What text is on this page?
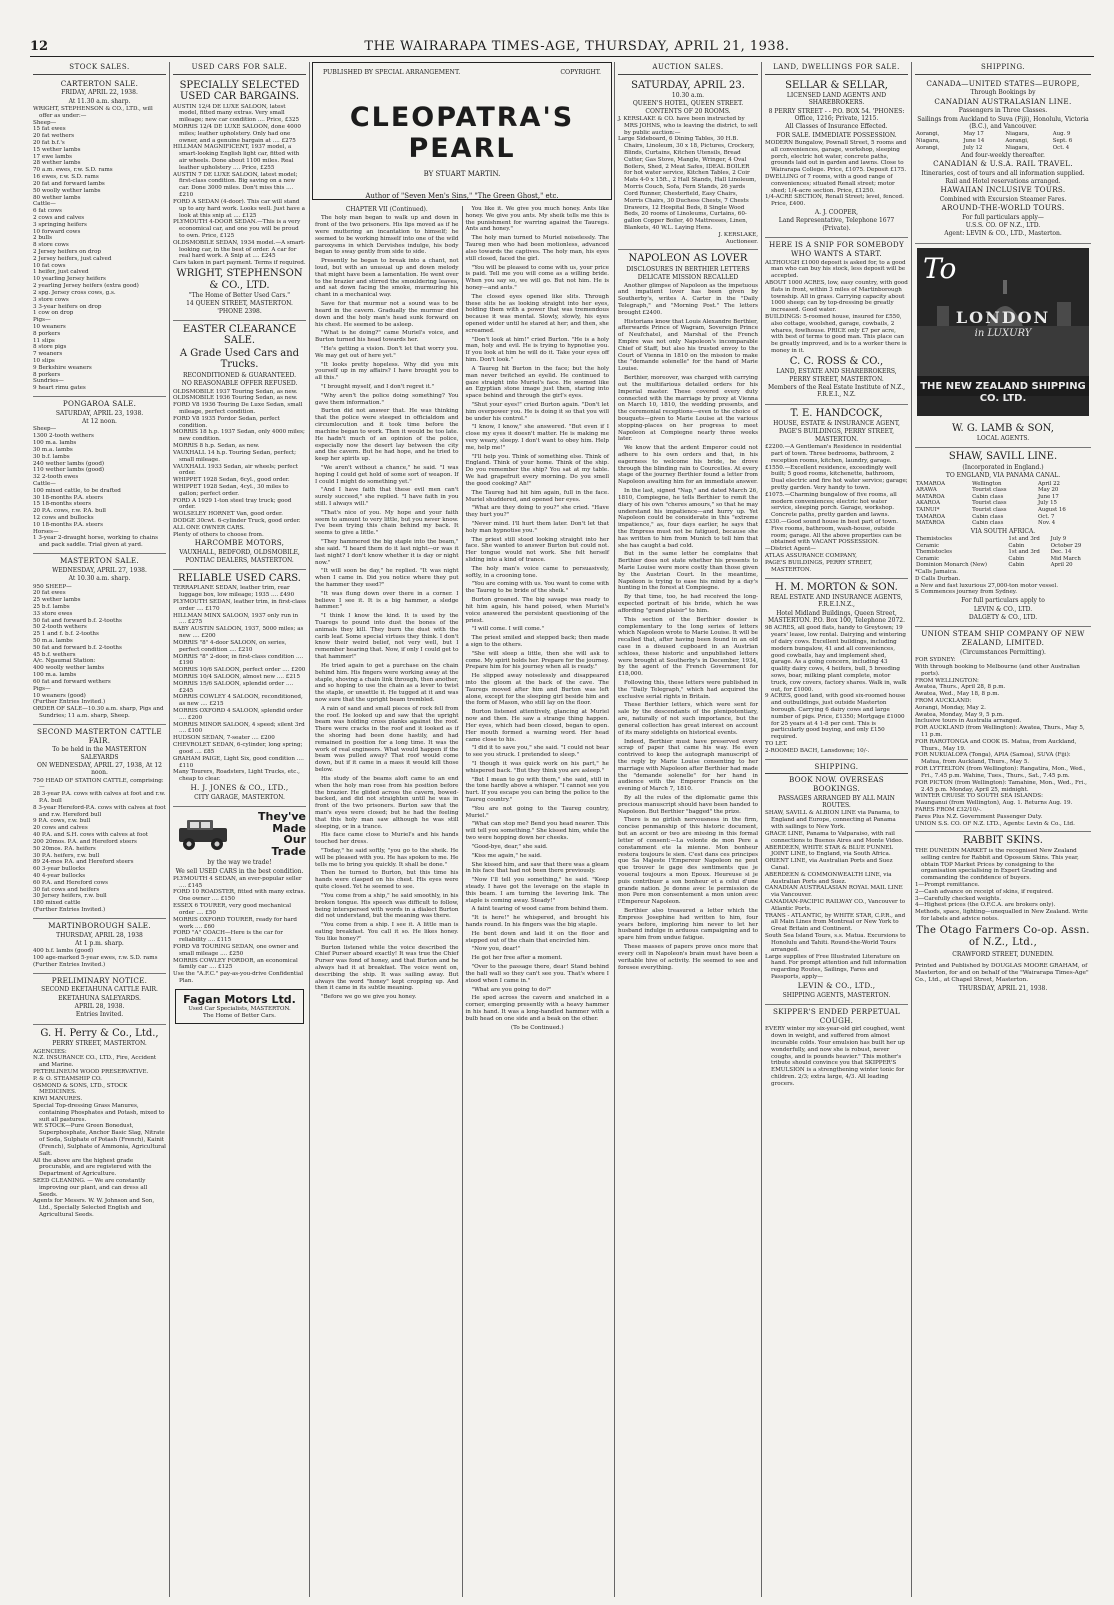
12	THE WAIRARAPA TIMES-AGE, THURSDAY, APRIL 21, 1938.
STOCK SALES.
CARTERTON SALE.
FRIDAY, APRIL 22, 1938.
At 11.30 a.m. sharp.
WRIGHT, STEPHENSON & CO., LTD., will offer as under:—
Sheep—
15 fat ewes
20 fat wethers
20 fat b.f.'s
15 wether lambs
17 ewe lambs
28 wether lambs
70 a.m. ewes, r.w. S.D. rams
16 ewes, r.w. S.D. rams
20 fat and forward lambs
50 woolly wether lambs
80 wether lambs
Cattle—
6 fat cows
2 cows and calves
3 springing heifers
10 forward cows
2 bulls
8 store cows
2 Jersey heifers on drop
2 Jersey heifers, just calved
10 fat cows
1 heifer, just calved
10 yearling Jersey heifers
2 yearling Jersey heifers (extra good)
2 spg. Jersey cross cows, g.s.
3 store cows
3 3-year heifers on drop
1 cow on drop
Pigs—
10 weaners
8 porkers
11 slips
8 store pigs
7 weaners
10 slips
9 Berkshire weaners
8 porkers
Sundries—
9 heart rimu gates
PONGAROA SALE.
SATURDAY, APRIL 23, 1938.
At 12 noon.
Sheep—
1300 2-tooth wethers
100 m.a. lambs
30 m.a. lambs
30 b.f. lambs
240 wether lambs (good)
110 wether lambs (good)
32 2-tooth ewes
Cattle—
100 mixed cattle, to be drafted
30 18-months P.A. steers
15 18-months steers
20 P.A. cows, r.w. P.A. bull
12 cows and bullocks
10 18-months P.A. steers
Horses—
1 3-year 2-draught horse, working to chains and pack saddle. Trial given at yard.
MASTERTON SALE.
WEDNESDAY, APRIL 27, 1938.
At 10.30 a.m. sharp.
950 SHEEP—
20 fat ewes
25 wether lambs
25 b.f. lambs
33 store ewes
50 fat and forward b.f. 2-tooths
50 2-tooth wethers
25 1 and f. b.f. 2-tooths
50 m.a. lambs
50 fat and forward b.f. 2-tooths
45 b.f. wethers
A/c. Ngaumai Station:
400 woolly wether lambs
100 m.a. lambs
60 fat and forward wethers
Pigs—
10 weaners (good)
(Further Entries Invited.)
ORDER OF SALE—10.30 a.m. sharp, Pigs and Sundries; 11 a.m. sharp, Sheep.
SECOND MASTERTON CATTLE FAIR.
To be held in the MASTERTON SALEYARDS
ON WEDNESDAY, APRIL 27, 1938, At 12 noon.
750 HEAD OF STATION CATTLE, comprising:—
28 3-year P.A. cows with calves at foot and r.w. P.A. bull
8 3-year Hereford-P.A. cows with calves at foot and r.w. Hereford bull
9 P.A. cows, r.w. bull
20 cows and calves
40 P.A. and S.H. cows with calves at foot
200 20mos. P.A. and Hereford steers
50 20mos. P.A. heifers
30 P.A. heifers, r.w. bull
89 24-mos P.A. and Hereford steers
60 3-year bullocks
40 4-year bullocks
60 P.A. and Hereford cows
30 fat cows and heifers
30 Jersey heifers, r.w. bull
180 mixed cattle
(Further Entries Invited.)
MARTINBOROUGH SALE.
THURSDAY, APRIL 28, 1938
At 1 p.m. sharp.
400 b.f. lambs (good)
100 age-marked 5-year ewes, r.w. S.D. rams
(Further Entries Invited.)
PRELIMINARY NOTICE.
SECOND EKETAHUNA CATTLE FAIR.
EKETAHUNA SALEYARDS.
APRIL 28, 1938.
Entries Invited.
G. H. Perry & Co., Ltd.,
PERRY STREET, MASTERTON.
AGENCIES:
N.Z. INSURANCE CO., LTD., Fire, Accident and Marine.
PETERLINEUM WOOD PRESERVATIVE.
P. & O. STEAMSHIP CO.
OSMOND & SONS, LTD., STOCK MEDICINES.
KIWI MANURES.
Special Top-dressing Grass Manures, containing Phosphates and Potash, mixed to suit all pastures.
WE STOCK—Pure Green Bonedust, Superphosphate, Anchor Basic Slag, Nitrate of Soda, Sulphate of Potash (French), Kainit (French), Sulphate of Ammonia, Agricultural Salt.
All the above are the highest grade procurable, and are registered with the Department of Agriculture.
SEED CLEANING. — We are constantly improving our plant, and can dress all Seeds.
Agents for Messrs. W. W. Johnson and Son, Ltd., Specially Selected English and Agricultural Seeds.
USED CARS FOR SALE.
SPECIALLY SELECTED USED CAR BARGAINS.
AUSTIN 12/4 DE LUXE SALOON, latest model, fitted many extras. Very small mileage; new car condition .... Price, £325
MORRIS 12/4 DE LUXE SALOON, done 4000 miles; leather upholstery. Only had one owner, and a genuine bargain at .... £275
HILLMAN MAGNIFICENT, 1937 model, a smart-looking English light car, fitted with air wheels. Done about 1100 miles. Real leather upholstery .... Price, £255
AUSTIN 7 DE LUXE SALOON, latest model; first-class condition. Big saving on a new car. Done 3000 miles. Don't miss this .... £210
FORD A SEDAN (4-door). This car will stand up to any hard work. Looks well. Just have a look at this snip at .... £125
PLYMOUTH 4-DOOR SEDAN.—This is a very economical car, and one you will be proud to own. Price, £125
OLDSMOBILE SEDAN, 1934 model.—A smart-looking car, in the best of order. A car for real hard work. A Snip at .... £245
Cars taken in part payment. Terms if required.
WRIGHT, STEPHENSON & CO., LTD.
"The Home of Better Used Cars."
14 QUEEN STREET, MASTERTON. 'PHONE 2398.
EASTER CLEARANCE SALE.
A Grade Used Cars and Trucks.
RECONDITIONED & GUARANTEED.
NO REASONABLE OFFER REFUSED.
OLDSMOBILE 1937 Touring Sedan, as new.
OLDSMOBILE 1936 Touring Sedan, as new.
FORD V8 1936 Touring De Luxe Sedan, small mileage, perfect condition.
FORD V8 1935 Fordor Sedan, perfect condition.
MORRIS 18 h.p. 1937 Sedan, only 4000 miles; new condition.
MORRIS 8 h.p. Sedan, as new.
VAUXHALL 14 h.p. Touring Sedan, perfect; small mileage.
VAUXHALL 1933 Sedan, air wheels; perfect order.
WHIPPET 1928 Sedan, 6cyl., good order.
WHIPPET 1928 Sedan, 4cyl., 30 miles to gallon; perfect order.
FORD A 1929 1-ton steel tray truck; good order.
WOLSELEY HORNET Van, good order.
DODGE 30cwt. 6-cylinder Truck, good order.
ALL ONE OWNER CARS.
Plenty of others to choose from.
HARCOMBE MOTORS,
VAUXHALL, BEDFORD, OLDSMOBILE, PONTIAC DEALERS, MASTERTON.
RELIABLE USED CARS.
TERRAPLANE SEDAN, leather trim, rear luggage box, low mileage; 1935 .... £490
PLYMOUTH SEDAN, leather trim, in first-class order .... £170
HILLMAN MINX SALOON, 1937 only run in .... £275
BABY AUSTIN SALOON, 1937, 5000 miles; as new .... £200
MORRIS "8" 4-door SALOON, on series, perfect condition .... £210
MORRIS "8" 2-door, in first-class condition .... £190
MORRIS 10/6 SALOON, perfect order .... £200
MORRIS 10/4 SALOON, almost new .... £215
MORRIS 15/6 SALOON, splendid order .... £245
MORRIS COWLEY 4 SALOON, reconditioned, as new .... £215
MORRIS OXFORD 4 SALOON, splendid order .... £200
MORRIS MINOR SALOON, 4 speed; silent 3rd .... £100
HUDSON SEDAN, 7-seater .... £200
CHEVROLET SEDAN, 6-cylinder, long spring; good .... £85
GRAHAM PAIGE, Light Six, good condition .... £110
Many Tourers, Roadsters, Light Trucks, etc., cheap to clear.
H. J. JONES & CO., LTD.,
CITY GARAGE, MASTERTON.
They've
Made
Our
Trade
by the way we trade!
We sell USED CARS in the best condition.
PLYMOUTH 4 SEDAN, an ever-popular seller .... £145
FORD 10 ROADSTER, fitted with many extras. One owner .... £150
ESSEX 6 TOURER, very good mechanical order .... £50
MORRIS OXFORD TOURER, ready for hard work .... £60
FORD "A" COACH—Here is the car for reliability .... £115
FORD V8 TOURING SEDAN, one owner and small mileage .... £250
MORRIS COWLEY FORDOR, an economical family car .... £125
Use the "A.F.C." pay-as-you-drive Confidential Plan.
Fagan Motors Ltd.
Used Car Specialists, MASTERTON.
The Home of Better Cars.
PUBLISHED BY SPECIAL ARRANGEMENT.	COPYRIGHT.
CLEOPATRA'S PEARL
BY STUART MARTIN.
Author of "Seven Men's Sins," "The Green Ghost," etc.
CHAPTER VII (Continued).

The holy man began to walk up and down in front of the two prisoners. His lips moved as if he were muttering an incantation to himself; he seemed to be working himself into one of the wild paroxysms in which Dervishes indulge, his body began to sway gently from side to side.

Presently he began to break into a chant, not loud, but with an unusual up and down melody that might have been a lamentation. He went over to the brazier and stirred the smouldering leaves, and sat down facing the smoke, murmuring his chant in a mechanical way.

Save for that murmur not a sound was to be heard in the cavern. Gradually the murmur died down and the holy man's head sunk forward on his chest. He seemed to be asleep.

"What is he doing?" came Muriel's voice, and Burton turned his head towards her.

"He's getting a vision. Don't let that worry you. We may get out of here yet."

"It looks pretty hopeless. Why did you mix yourself up in my affairs? I have brought you to all this."

"I brought myself, and I don't regret it."

"Why aren't the police doing something? You gave them information."

Burton did not answer that. He was thinking that the police were steeped in officialdom and circumlocution and it took time before the machine began to work. Then it would be too late. He hadn't much of an opinion of the police, especially now the desert lay between the city and the cavern. But he had hope, and he tried to keep her spirits up.

"We aren't without a chance," he said. "I was hoping I could get hold of some sort of weapon. If I could I might do something yet."

"And I have faith that these evil men can't surely succeed," she replied. "I have faith in you still. I always will."

"That's nice of you. My hope and your faith seem to amount to very little, but you never know. I've been trying this chain behind my back. It seems to give a little."

"They hammered the big staple into the beam," she said. "I heard them do it last night—or was it last night? I don't know whether it is day or night now."

"It will soon be day," he replied. "It was night when I came in. Did you notice where they put the hammer they used?"

"It was flung down over there in a corner. I believe I see it. It is a big hammer, a sledge hammer."

"I think I know the kind. It is used by the Tuaregs to pound into dust the bones of the animals they kill. They burn the dust with the carib leaf. Some special virtues they think. I don't know their weird belief, not very well, but I remember hearing that. Now, if only I could get to that hammer!"

He tried again to get a purchase on the chain behind him. His fingers were working away at the staple, shoving a chain link through, then another, and so hoping to use the chain as a lever to twist the staple, or unsettle it. He tugged at it and was now sure that the upright beam trembled.

A rain of sand and small pieces of rock fell from the roof. He looked up and saw that the upright beam was holding cross planks against the roof. There were cracks in the roof and it looked as if the shoring had been done hastily, and had remained in position for a long time. It was the work of real engineers. What would happen if the beam was pulled away? That roof would come down, but if it came in a mass it would kill those below.

His study of the beams aloft came to an end when the holy man rose from his position before the brazier. He glided across the cavern, bowed-backed, and did not straighten until he was in front of the two prisoners. Burton saw that the man's eyes were closed; but he had the feeling that this holy man saw although he was still sleeping, or in a trance.

His face came close to Muriel's and his hands touched her dress.

"Today," he said softly, "you go to the sheik. He will be pleased with you. He has spoken to me. He tells me to bring you quickly. It shall be done."

Then he turned to Burton, but this time his hands were clasped on his chest. His eyes were quite closed. Yet he seemed to see.

"You come from a ship," he said smoothly, in his broken tongue. His speech was difficult to follow, being interspersed with words in a dialect Burton did not understand, but the meaning was there.

"You come from a ship. I see it. A little man is eating breakfast. You call it so. He likes honey. You like honey?"

Burton listened while the voice described the Chief Purser aboard exactly! It was true the Chief Purser was fond of honey, and that Burton and he always had it at breakfast. The voice went on, describing the ship. It was sailing away. But always the word "honey" kept cropping up. And then it came in its subtle meaning.

"Before we go we give you honey.

You like it. We give you much honey. Ants like honey. We give you ants. My sheik tells me this is the punishment for warring against the Tauregs. Ants and honey."

The holy man turned to Muriel noiselessly. The Taureg men who had been motionless, advanced also towards the captives. The holy man, his eyes still closed, faced the girl.

"You will be pleased to come with us, your price is paid. Tell me you will come as a willing bride. When you say so, we will go. But not him. He is honey—and ants."

The closed eyes opened like slits. Through these slits he as looking straight into her eyes, holding them with a power that was tremendous because it was mental. Slowly, slowly, his eyes opened wider until he stared at her; and then, she screamed.

"Don't look at him!" cried Burton. "He is a holy man, holy and evil. He is trying to hypnotise you. If you look at him he will do it. Take your eyes off him. Don't look."

A Taureg hit Burton in the face; but the holy man never twitched an eyelid. He continued to gaze straight into Muriel's face. He seemed like an Egyptian stone image just then, staring into space behind and through the girl's eyes.

"Shut your eyes!" cried Burton again. "Don't let him overpower you. He is doing it so that you will be under his control."

"I know, I know," she answered. "But even if I close my eyes it doesn't matter. He is making me very weary, sleepy. I don't want to obey him. Help me, help me!"

"I'll help you. Think of something else. Think of England. Think of your home. Think of the ship. Do you remember the ship? You sat at my table. We had grapefruit every morning. Do you smell the good cooking? Ah!"

The Taureg had hit him again, full in the face. Muriel shuddered, and opened her eyes.

"What are they doing to you?" she cried. "Have they hurt you?"

"Never mind. I'll hurt them later. Don't let that holy man hypnotise you."

The priest still stood looking straight into her face. She wanted to answer Burton but could not. Her tongue would not work. She felt herself sliding into a kind of trance.

The holy man's voice came to persuasively, softly, in a crooning tone.

"You are coming with us. You want to come with the Taureg to be bride of the sheik."

Burton groaned. The big savage was ready to hit him again, his hand poised, when Muriel's voice answered the persistent questioning of the priest.

"I will come. I will come."

The priest smiled and stepped back; then made a sign to the others.

"She will sleep a little, then she will ask to come. My spirit holds her. Prepare for the journey. Prepare him for his journey when all is ready."

He slipped away noiselessly and disappeared into the gloom at the back of the cave. The Tauregs moved after him and Burton was left alone, except for the sleeping girl beside him and the form of Mason, who still lay on the floor.

Burton listened attentively, glancing at Muriel now and then. He saw a strange thing happen. Her eyes, which had been closed, began to open. Her mouth formed a warning word. Her head came close to his.

"I did it to save you," she said. "I could not bear to see you struck. I pretended to sleep."

"I though it was quick work on his part," he whispered back. "But they think you are asleep."

"But I mean to go with them," she said, still in the tone hardly above a whisper. "I cannot see you hurt. If you escape you can bring the police to the Taureg country."

"You are not going to the Taureg country, Muriel."

"What can stop me? Bend you head nearer. This will tell you something." She kissed him, while the two were hopping down her cheeks.

"Good-bye, dear," she said.

"Kiss me again," he said.

She kissed him, and saw that there was a gleam in his face that had not been there previously.

"Now I'll tell you something," he said. "Keep steady. I have got the leverage on the staple in this beam. I am turning the levering link. The staple is coming away. Steady!"

A faint tearing of wood came from behind them.

"It is here!" he whispered, and brought his hands round. In his fingers was the big staple.

He bent down and laid it on the floor and stepped out of the chain that encircled him.

"Now you, dear!"

He got her free after a moment.

"Over to the passage there, dear! Stand behind the hall wall so they can't see you. That's where I stood when I came in."

"What are you going to do?"

He sped across the cavern and snatched in a corner, emerging presently with a heavy hammer in his hand. It was a long-handled hammer with a bulb head on one side and a beak on the other.

(To be Continued.)
AUCTION SALES.
SATURDAY, APRIL 23.
10.30 a.m.
QUEEN'S HOTEL, QUEEN STREET. CONTENTS OF 20 ROOMS.
J. KERSLAKE & CO. have been instructed by MRS JOHNS, who is leaving the district, to sell by public auction:—
Large Sideboard, 6 Dining Tables, 30 H.B. Chairs, Linoleum, 30 x 18, Pictures, Crockery, Blinds, Curtains, Kitchen Utensils, Bread Cutter, Gas Stove, Mangle, Wringer, 4 Oval Boilers, Shed, 2 Meat Safes, IDEAL BOILER for hot water service, Kitchen Tables, 2 Coir Mats 4-0 x 15ft., 2 Hall Stands, Hall Linoleum, Morris Couch, Sofa, Fern Stands, 26 yards Cord Runner, Chesterfield, Easy Chairs, Morris Chairs, 30 Duchess Chests, 7 Chests Drawers, 12 Hospital Beds, 8 Single Wood Beds, 20 rooms of Linoleums, Curtains, 60-gallon Copper Boiler, 40 Mattresses, Linen, Blankets, 40 W.L. Laying Hens.
J. KERSLAKE,
Auctioneer.
NAPOLEON AS LOVER
DISCLOSURES IN BERTHIER LETTERS
DELICATE MISSION RECALLED

Another glimpse of Napoleon as the impetuous and impatient lover has been given by Southerby's, writes A. Carter in the "Daily Telegraph," and "Morning Post." The letters brought £2400.

Historians know that Louis Alexandre Berthier, afterwards Prince of Wagram, Sovereign Prince of Neufchatel, and Marshal of the French Empire was not only Napoleon's incomparable Chief of Staff, but also his trusted envoy to the Court of Vienna in 1810 on the mission to make the "demande solenelle" for the hand of Marie Louise.

Berthier, moreover, was charged with carrying out the multifarious detailed orders for his Imperial master. These covered every duty connected with the marriage by proxy at Vienna on March 10, 1810, the wedding presents, and the ceremonial receptions—even to the choice of bouquets—given to Marie Louise at the various stopping-places on her progress to meet Napoleon at Compiegne nearly three weeks later.

We know that the ardent Emperor could not adhere to his own orders and that, in his eagerness to welcome his bride, he drove through the blinding rain to Courcelles. At every stage of the journey Berthier found a letter from Napoleon awaiting him for an immediate answer.

In the last, signed "Nap," and dated March 26, 1810, Compiegne, he tells Berthier to remit the diary of his own "cheres amours," so that he may understand his impatience—and hurry up. Yet Napoleon could be considerate in this "extreme impatience," as, four days earlier, he says that the Empress must not be fatigued, because she has written to him from Munich to tell him that she has caught a bad cold.

But in the same letter he complains that Berthier does not state whether his presents to Marie Louise were more costly than those given by the Austrian Court. In the meantime, Napoleon is trying to ease his mind by a day's hunting in the forest at Compiegne.

By that time, too, he had received the long-expected portrait of his bride, which he was affording "grand plaisir" to him.

This section of the Berthier dossier is complementary to the long series of letters which Napoleon wrote to Marie Louise. It will be recalled that, after having been found in an old case in a disused cupboard in an Austrian schloss, these historic and unpublished letters were brought at Southerby's in December, 1934, by the agent of the French Government for £18,000.

Following this, these letters were published in the "Daily Telegraph," which had acquired the exclusive serial rights in Britain.

These Berthier letters, which were sent for sale by the descendants of the plenipotentiary, are, naturally of not such importance, but the general collection has great interest on account of its many sidelights on historical events.

Indeed, Berthier must have preserved every scrap of paper that came his way. He even contrived to keep the autograph manuscript of the reply by Marie Louise consenting to her marriage with Napoleon after Berthier had made the "demande solenelle" for her hand in audience with the Emperor Francis on the evening of March 7, 1810.

By all the rules of the diplomatic game this precious manuscript should have been handed to Napoleon. But Berthier "bagged" the prize.

There is no girlish nervousness in the firm, concise penmanship of this historic document, but an accent or two are missing in this formal letter of consent:—La volonte de mon Pere a constamment ete la mienne. Mon bonheur restera toujours le sien. C'est dans ces principes que Sa Majeste l'Empereur Napoleon ne peut que trouver le gage des sentiments que je voueral toujours a mon Epoux. Heureuse si je puis contribuer a son bonheur et a celui d'une grande nation. Je donne avec le permission de mon Pere mon consentement a mon union avec l'Empereur Napoleon.

Berthier also treasured a letter which the Empress Josephine had written to him, four years before, imploring him never to let her husband indulge in arduous campaigning and to spare him from undue fatigue.

These masses of papers prove once more that every cell in Napoleon's brain must have been a veritable hive of activity. He seemed to see and foresee everything.

LAND, DWELLINGS FOR SALE.
SELLAR & SELLAR,
LICENSED LAND AGENTS AND SHAREBROKERS.
8 PERRY STREET - - P.O. BOX 54. 'PHONES: Office, 1216; Private, 1215.
All Classes of Insurance Effected.
FOR SALE. IMMEDIATE POSSESSION.
MODERN Bungalow, Pownall Street, 5 rooms and all conveniences, garage, workshop, sleeping porch, electric hot water, concrete paths, grounds laid out in garden and lawns. Close to Wairarapa College. Price, £1075. Deposit £175.
DWELLING of 7 rooms, with a good range of conveniences; situated Renall street; motor shed; 1/4-acre section. Price, £1250.
1/4-ACRE SECTION, Renall Street; level, fenced. Price, £400.
A. J. COOPER,
Land Representative, Telephone 1677 (Private).
HERE IS A SNIP FOR SOMEBODY WHO WANTS A START.
ALTHOUGH £1000 deposit is asked for, to a good man who can buy his stock, less deposit will be accepted.
ABOUT 1000 ACRES, low, easy country, with good flats in front, within 3 miles of Martinborough township. All in grass. Carrying capacity about 1000 sheep; can by top-dressing be greatly increased. Good water.
BUILDINGS: 5-roomed house, insured for £550, also cottage, woolshed, garage, cowbails, 2 whares, fowlhouse. PRICE only £7 per acre, with best of terms to good man. This place can be greatly improved, and is to a worker there is money in it.
C. C. ROSS & CO.,
LAND, ESTATE AND SHAREBROKERS, PERRY STREET, MASTERTON.
Members of the Real Estate Institute of N.Z., F.R.E.I., N.Z.
T. E. HANDCOCK,
HOUSE, ESTATE & INSURANCE AGENT,
PAGE'S BUILDINGS, PERRY STREET, MASTERTON.
£2200.—A Gentleman's Residence in residential part of town. Three bedrooms, bathroom, 2 reception rooms, kitchen, laundry, garage.
£1550.—Excellent residence, exceedingly well built; 5 good rooms, kitchenette, bathroom, Dual electric and fire hot water service; garage; pretty garden. Very handy to town.
£1075.—Charming bungalow of five rooms, all modern conveniences; electric hot water service, sleeping porch. Garage, workshop. Concrete paths, pretty garden and lawns.
£330.—Good sound house in best part of town. Five rooms, bathroom, wash-house, outside room; garage. All the above properties can be obtained with VACANT POSSESSION.
—District Agent—
ATLAS ASSURANCE COMPANY,
PAGE'S BUILDINGS, PERRY STREET, MASTERTON.
H. M. MORTON & SON.
REAL ESTATE AND INSURANCE AGENTS, F.R.E.I.N.Z.,
Hotel Midland Buildings, Queen Street, MASTERTON. P.O. Box 100, Telephone 2072.
98 ACRES, all good flats, handy to Greytown; 19 years' lease, low rental. Dairying and wintering of dairy cows. Excellent buildings, including modern bungalow, 41 and all conveniences, good cowbails, hay and implement shed, garage. As a going concern, including 43 quality dairy cows, 4 heifers, bull, 5 breeding sows, boar, milking plant complete, motor truck, cow covers, factory shares. Walk in, walk out, for £1000.
9 ACRES, good land, with good six-roomed house and outbuildings, just outside Masterton borough. Carrying 6 dairy cows and large number of pigs. Price, £1350; Mortgage £1000 for 25 years at 4 1-8 per cent. This is particularly good buying, and only £150 required.
TO LET.
2-ROOMED BACH, Lansdowne; 10/-.
SHIPPING.
BOOK NOW. OVERSEAS BOOKINGS.
PASSAGES ARRANGED BY ALL MAIN ROUTES.
SHAW, SAVILL & ALBION LINE via Panama, to England and Europe, connecting at Panama with sailings to New York.
GRACE LINE, Panama to Valparaiso, with rail connections to Buenos Aires and Monte Video.
ABERDEEN, WHITE STAR & BLUE FUNNEL JOINT LINE, to England, via South Africa.
ORIENT LINE, via Australian Ports and Suez Canal.
ABERDEEN & COMMONWEALTH LINE, via Australian Ports and Suez.
CANADIAN AUSTRALASIAN ROYAL MAIL LINE via Vancouver.
CANADIAN-PACIFIC RAILWAY CO., Vancouver to Atlantic Ports.
TRANS - ATLANTIC, by WHITE STAR, C.P.R., and all Main Lines from Montreal or New York to Great Britain and Continent.
South Sea Island Tours, s.s. Matua. Excursions to Honolulu and Tahiti. Round-the-World Tours arranged.
Large supplies of Free Illustrated Literature on hand. For prompt attention and full information regarding Routes, Sailings, Fares and Passports, apply—
LEVIN & CO., LTD.,
SHIPPING AGENTS, MASTERTON.
SKIPPER'S ENDED PERPETUAL COUGH.
EVERY winter my six-year-old girl coughed, went down in weight, and suffered from almost incurable colds. Your emulsion has built her up wonderfully, and now she is robust, never coughs, and is pounds heavier." This mother's tribute should convince you that SKIPPER'S EMULSION is a strengthening winter tonic for children. 2/3; extra large, 4/3. All leading grocers.
SHIPPING.
CANADA—UNITED STATES—EUROPE,
Through Bookings by
CANADIAN AUSTRALASIAN LINE.
Passengers in Three Classes.
Sailings from Auckland to Suva (Fiji), Honolulu, Victoria (B.C.), and Vancouver.
Aorangi,	May 17	Niagara,	Aug. 9
Niagara,	June 14	Aorangi,	Sept. 6
Aorangi,	July 12	Niagara,	Oct. 4
And four-weekly thereafter.
CANADIAN & U.S.A. RAIL TRAVEL.
Itineraries, cost of tours and all information supplied. Rail and Hotel reservations arranged.
HAWAIIAN INCLUSIVE TOURS.
Combined with Excursion Steamer Fares.
AROUND-THE-WORLD TOURS.
For full particulars apply—
U.S.S. CO. OF N.Z., LTD.
Agent: LEVIN & CO., LTD., Masterton.
To
LONDON
in LUXURY
THE NEW ZEALAND SHIPPING CO. LTD.
W. G. LAMB & SON,
LOCAL AGENTS.
SHAW, SAVILL LINE.
(Incorporated in England.)
TO ENGLAND, VIA PANAMA CANAL.
TAMAROA	Wellington	April 22
ARAWA	Tourist class	May 20
MATAROA	Cabin class	June 17
AKAROA	Tourist class	July 15
TAINUI*	Tourist class	August 16
TAMAROA	Cabin class	Oct. 7
MATAROA	Cabin class	Nov. 4
VIA SOUTH AFRICA.
Themistocles	1st and 3rd	July 9
Ceramic	Cabin	October 29
Themistocles	1st and 3rd	Dec. 14
Ceramic	Cabin	Mid March
Dominion Monarch (New)	Cabin	April 20
*Calls Jamaica.
D Calls Durban.
a New and fast luxurious 27,000-ton motor vessel.
S Commences journey from Sydney.
For full particulars apply to
LEVIN & CO., LTD.
DALGETY & CO., LTD.
UNION STEAM SHIP COMPANY OF NEW ZEALAND, LIMITED.
(Circumstances Permitting).
FOR SYDNEY:
With through booking to Melbourne (and other Australian ports).
FROM WELLINGTON:
Awatea, Thurs., April 28, 8 p.m.
Awatea, Wed., May 18, 8 p.m.
FROM AUCKLAND:
Aorangi, Monday, May 2.
Awatea, Monday, May 9, 5 p.m.
Inclusive tours in Australia arranged.
FOR AUCKLAND (from Wellington): Awatea, Thurs., May 5, 11 p.m.
FOR RAROTONGA and COOK IS. Matua, from Auckland, Thurs., May 19.
FOR NUKUALOFA (Tonga), APIA (Samoa), SUVA (Fiji): Matua, from Auckland, Thurs., May 5.
FOR LYTTELTON (from Wellington): Rangatira, Mon., Wed., Fri., 7.45 p.m. Wahine, Tues., Thurs., Sat., 7.45 p.m.
FOR PICTON (from Wellington): Tamahine, Mon., Wed., Fri., 2.45 p.m. Monday, April 25, midnight.
WINTER CRUISE TO SOUTH SEA ISLANDS:
Maunganui (from Wellington), Aug. 1. Returns Aug. 19.
FARES FROM £32/10/-.
Fares Plus N.Z. Government Passenger Duty.
UNION S.S. CO. OF N.Z. LTD., Agents: Levin & Co., Ltd.
RABBIT SKINS.
THE DUNEDIN MARKET is the recognised New Zealand selling centre for Rabbit and Opossum Skins. This year, obtain TOP Market Prices by consigning to the organisation specialising in Expert Grading and commanding the confidence of buyers.
1—Prompt remittance.
2—Cash advance on receipt of skins, if required.
3—Carefully checked weights.
4—Highest prices (the O.F.C.A. are brokers only).
Methods, space, lighting—unequalled in New Zealand. Write for labels and advice notes.
The Otago Farmers Co-op. Assn. of N.Z., Ltd.,
CRAWFORD STREET, DUNEDIN.
Printed and Published by DOUGLAS MOORE GRAHAM, of Masterton, for and on behalf of the "Wairarapa Times-Age" Co., Ltd., at Chapel Street, Masterton.
THURSDAY, APRIL 21, 1938.
